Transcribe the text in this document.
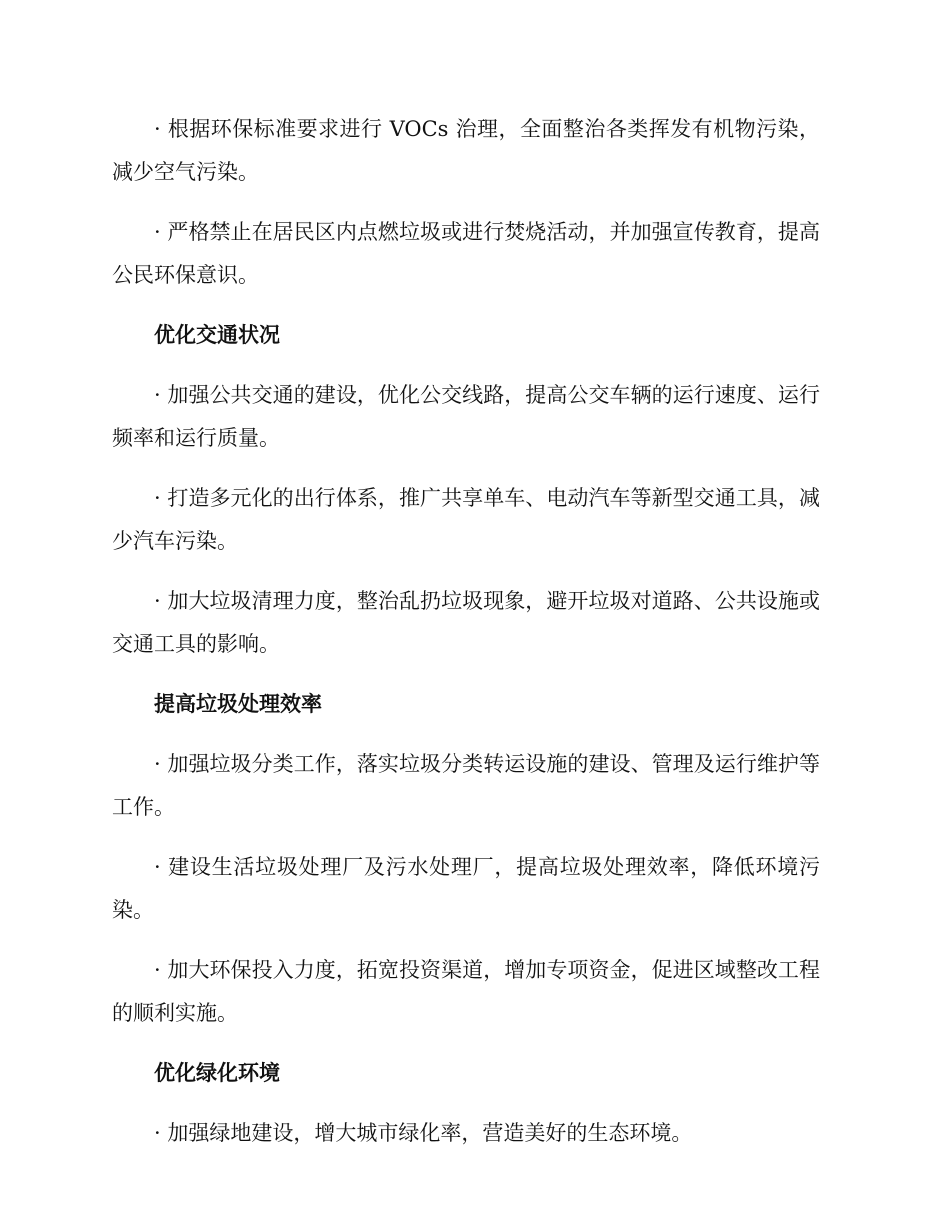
· 根据环保标准要求进行 VOCs 治理，全面整治各类挥发有机物污染，减少空气污染。

· 严格禁止在居民区内点燃垃圾或进行焚烧活动，并加强宣传教育，提高公民环保意识。

优化交通状况

· 加强公共交通的建设，优化公交线路，提高公交车辆的运行速度、运行频率和运行质量。

· 打造多元化的出行体系，推广共享单车、电动汽车等新型交通工具，减少汽车污染。

· 加大垃圾清理力度，整治乱扔垃圾现象，避开垃圾对道路、公共设施或交通工具的影响。

提高垃圾处理效率

· 加强垃圾分类工作，落实垃圾分类转运设施的建设、管理及运行维护等工作。

· 建设生活垃圾处理厂及污水处理厂，提高垃圾处理效率，降低环境污染。

· 加大环保投入力度，拓宽投资渠道，增加专项资金，促进区域整改工程的顺利实施。

优化绿化环境

· 加强绿地建设，增大城市绿化率，营造美好的生态环境。
